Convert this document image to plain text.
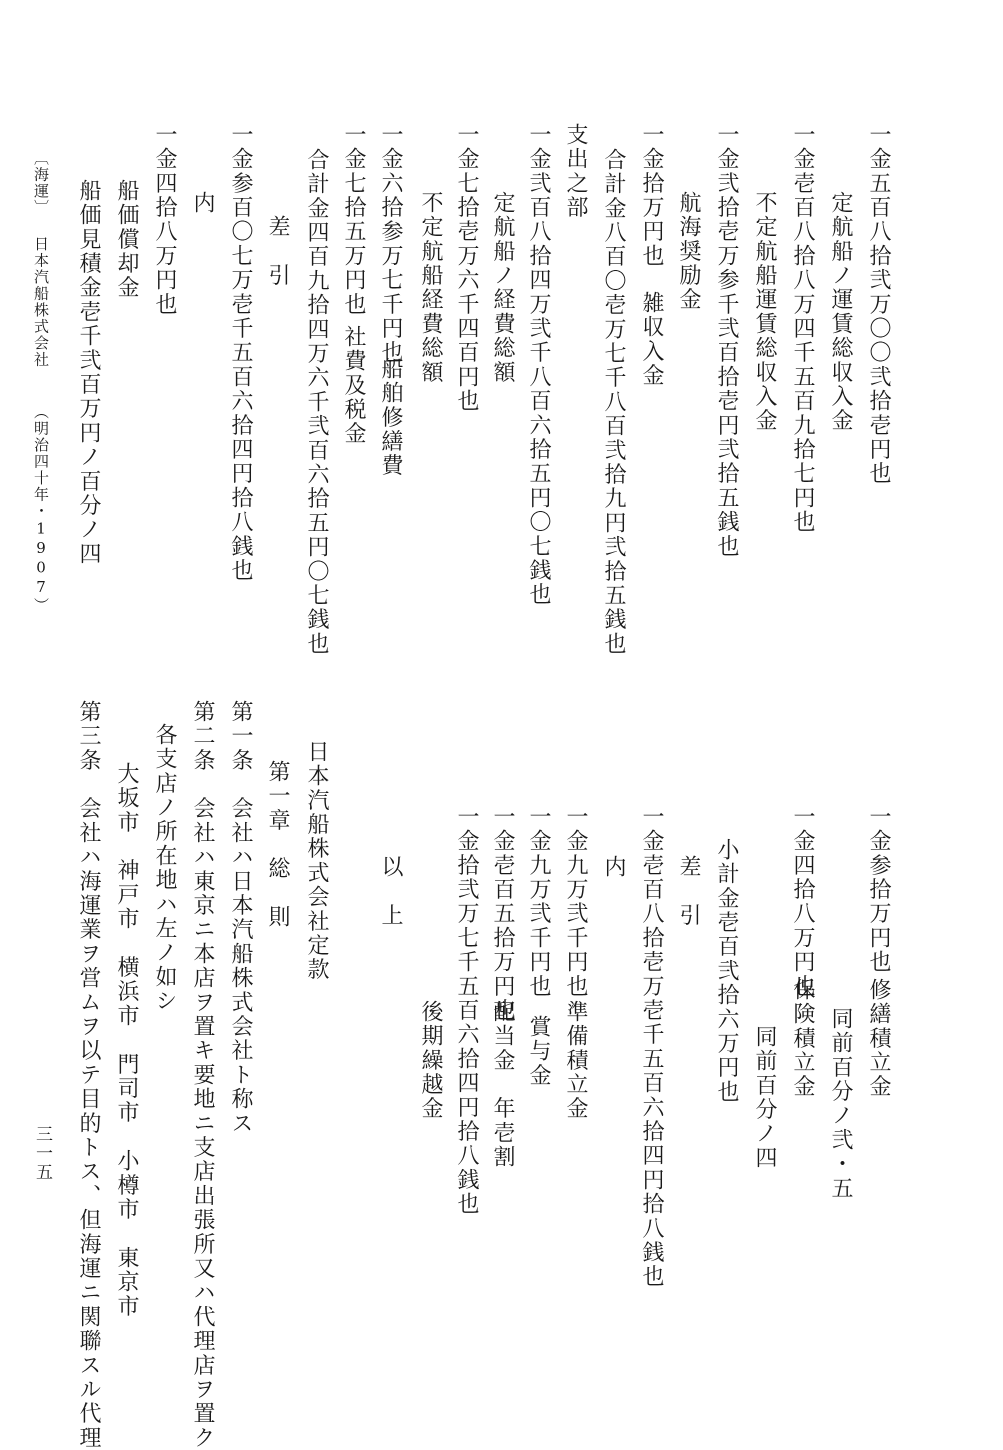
一金五百八拾弐万〇〇弐拾壱円也
定航船ノ運賃総収入金
一金壱百八拾八万四千五百九拾七円也
不定航船運賃総収入金
一金弐拾壱万参千弐百拾壱円弐拾五銭也
航海奨励金
一金拾万円也
雑収入金
合計金八百〇壱万七千八百弐拾九円弐拾五銭也
支出之部
一金弐百八拾四万弐千八百六拾五円〇七銭也
定航船ノ経費総額
一金七拾壱万六千四百円也
不定航船経費総額
一金六拾参万七千円也
船舶修繕費
一金七拾五万円也
社費及税金
合計金四百九拾四万六千弐百六拾五円〇七銭也
差　引
一金参百〇七万壱千五百六拾四円拾八銭也
内
一金四拾八万円也
船価償却金
船価見積金壱千弐百万円ノ百分ノ四
〔海運〕
日本汽船株式会社
（明治四十年・1907）
一金参拾万円也
修繕積立金
同前百分ノ弐・五
一金四拾八万円也
保険積立金
同前百分ノ四
小計金壱百弐拾六万円也
差　引
一金壱百八拾壱万壱千五百六拾四円拾八銭也
内
一金九万弐千円也
準備積立金
一金九万弐千円也
賞与金
一金壱百五拾万円也
配当金　年壱割
一金拾弐万七千五百六拾四円拾八銭也
後期繰越金
以　上
日本汽船株式会社定款
第一章　総　則
第一条　会社ハ日本汽船株式会社ト称ス
第二条　会社ハ東京ニ本店ヲ置キ要地ニ支店出張所又ハ代理店ヲ置ク
各支店ノ所在地ハ左ノ如シ
大坂市　神戸市　横浜市　門司市　小樽市　東京市
第三条　会社ハ海運業ヲ営ムヲ以テ目的トス、但海運ニ関聯スル代理
三一五
